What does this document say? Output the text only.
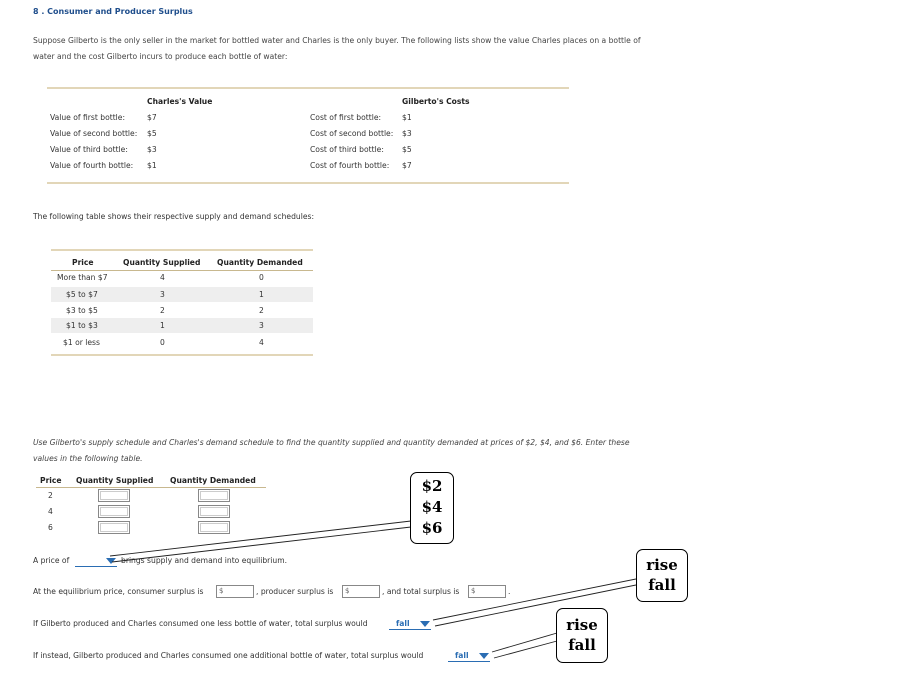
8 . Consumer and Producer Surplus
Suppose Gilberto is the only seller in the market for bottled water and Charles is the only buyer. The following lists show the value Charles places on a bottle of water and the cost Gilberto incurs to produce each bottle of water:
Charles's Value	Gilberto's Costs
Value of first bottle:	$7
Value of second bottle: $5
Value of third bottle:	$3
Value of fourth bottle: $1
Cost of first bottle:	$1
Cost of second bottle: $3
Cost of third bottle: $5
Cost of fourth bottle: $7
The following table shows their respective supply and demand schedules:
Price	Quantity Supplied Quantity Demanded
More than $7	4	0
$5 to $7	3	1
$3 to $5	2	2
$1 to $3	1	3
$1 or less	0	4
Use Gilberto's supply schedule and Charles's demand schedule to find the quantity supplied and quantity demanded at prices of $2, $4, and $6. Enter these values in the following table.
Price Quantity Supplied Quantity Demanded
2
4
6
A price of	brings supply and demand into equilibrium.
At the equilibrium price, consumer surplus is	$	, producer surplus is	$	, and total surplus is	$	.
If Gilberto produced and Charles consumed one less bottle of water, total surplus would	fall
If instead, Gilberto produced and Charles consumed one additional bottle of water, total surplus would	fall
$2
$4
$6
rise
fall
rise
fall
